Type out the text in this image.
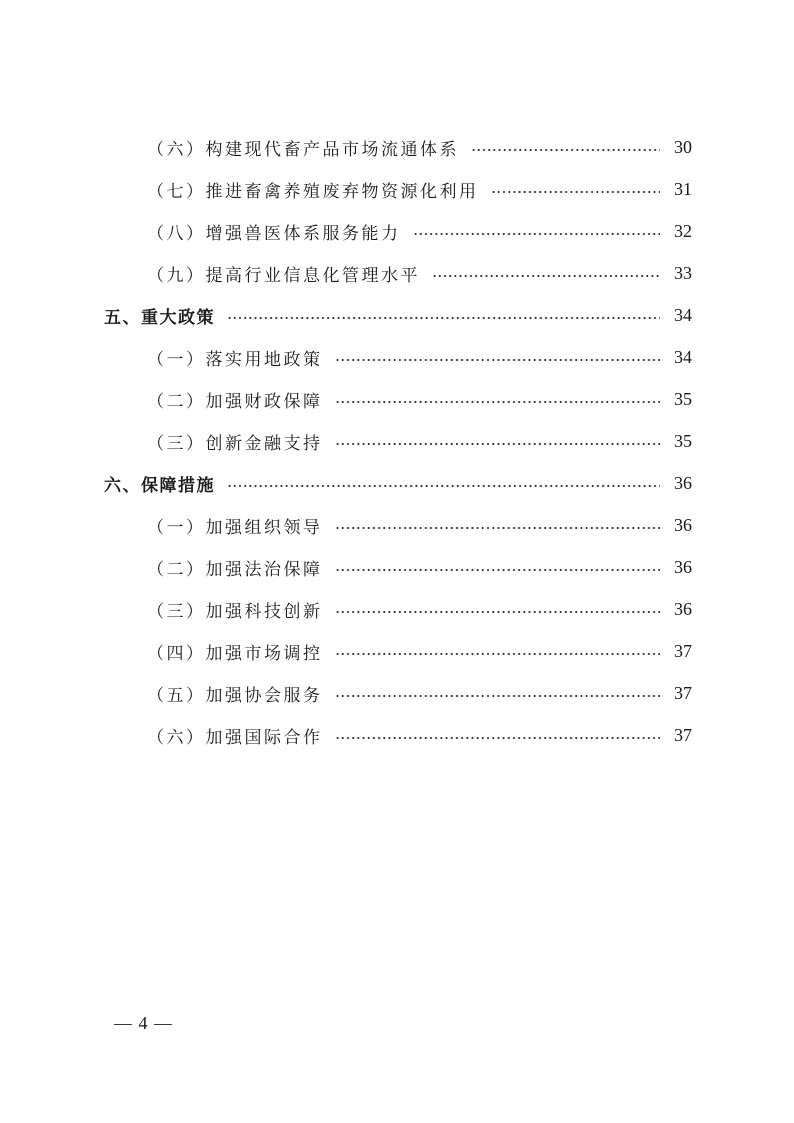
（六）构建现代畜产品市场流通体系	30
（七）推进畜禽养殖废弃物资源化利用	31
（八）增强兽医体系服务能力	32
（九）提高行业信息化管理水平	33
五、重大政策	34
（一）落实用地政策	34
（二）加强财政保障	35
（三）创新金融支持	35
六、保障措施	36
（一）加强组织领导	36
（二）加强法治保障	36
（三）加强科技创新	36
（四）加强市场调控	37
（五）加强协会服务	37
（六）加强国际合作	37
— 4 —
